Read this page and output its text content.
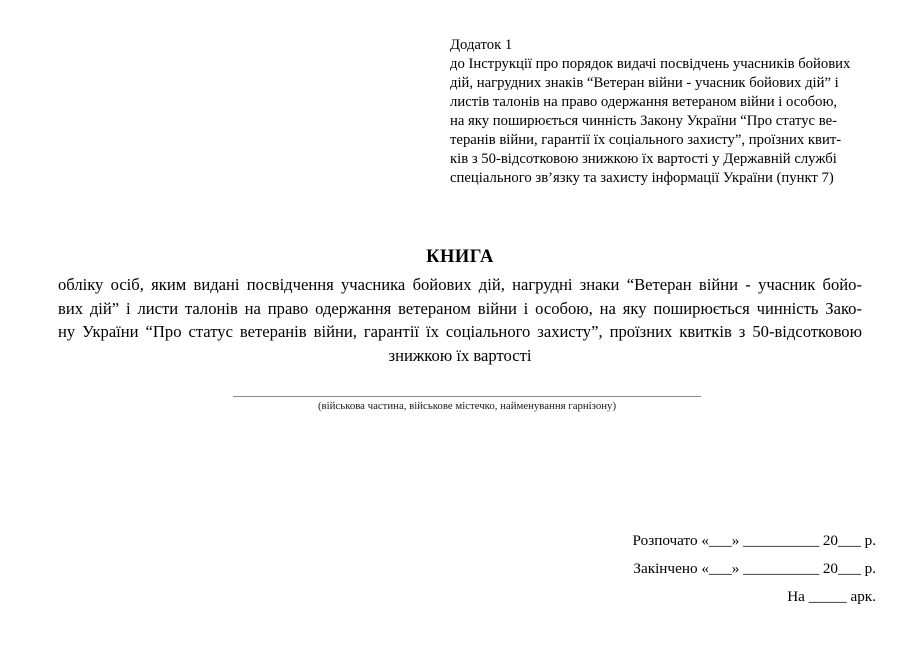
Додаток 1
до Інструкції про порядок видачі посвідчень учасників бойових
дій, нагрудних знаків “Ветеран війни - учасник бойових дій” і
листів талонів на право одержання ветераном війни і особою,
на яку поширюється чинність Закону України “Про статус ве-
теранів війни, гарантії їх соціального захисту”, проїзних квит-
ків з 50-відсотковою знижкою їх вартості у Державній службі
спеціального зв’язку та захисту інформації України (пункт 7)
КНИГА
обліку осіб, яким видані посвідчення учасника бойових дій, нагрудні знаки “Ветеран війни - учасник бойо-
вих дій” і листи талонів на право одержання ветераном війни і особою, на яку поширюється чинність Зако-
ну України “Про статус ветеранів війни, гарантії їх соціального захисту”, проїзних квитків з 50-відсотковою
знижкою їх вартості
(військова частина, військове містечко, найменування гарнізону)
Розпочато «___» __________ 20___ р.
Закінчено «___» __________ 20___ р.
На _____ арк.
